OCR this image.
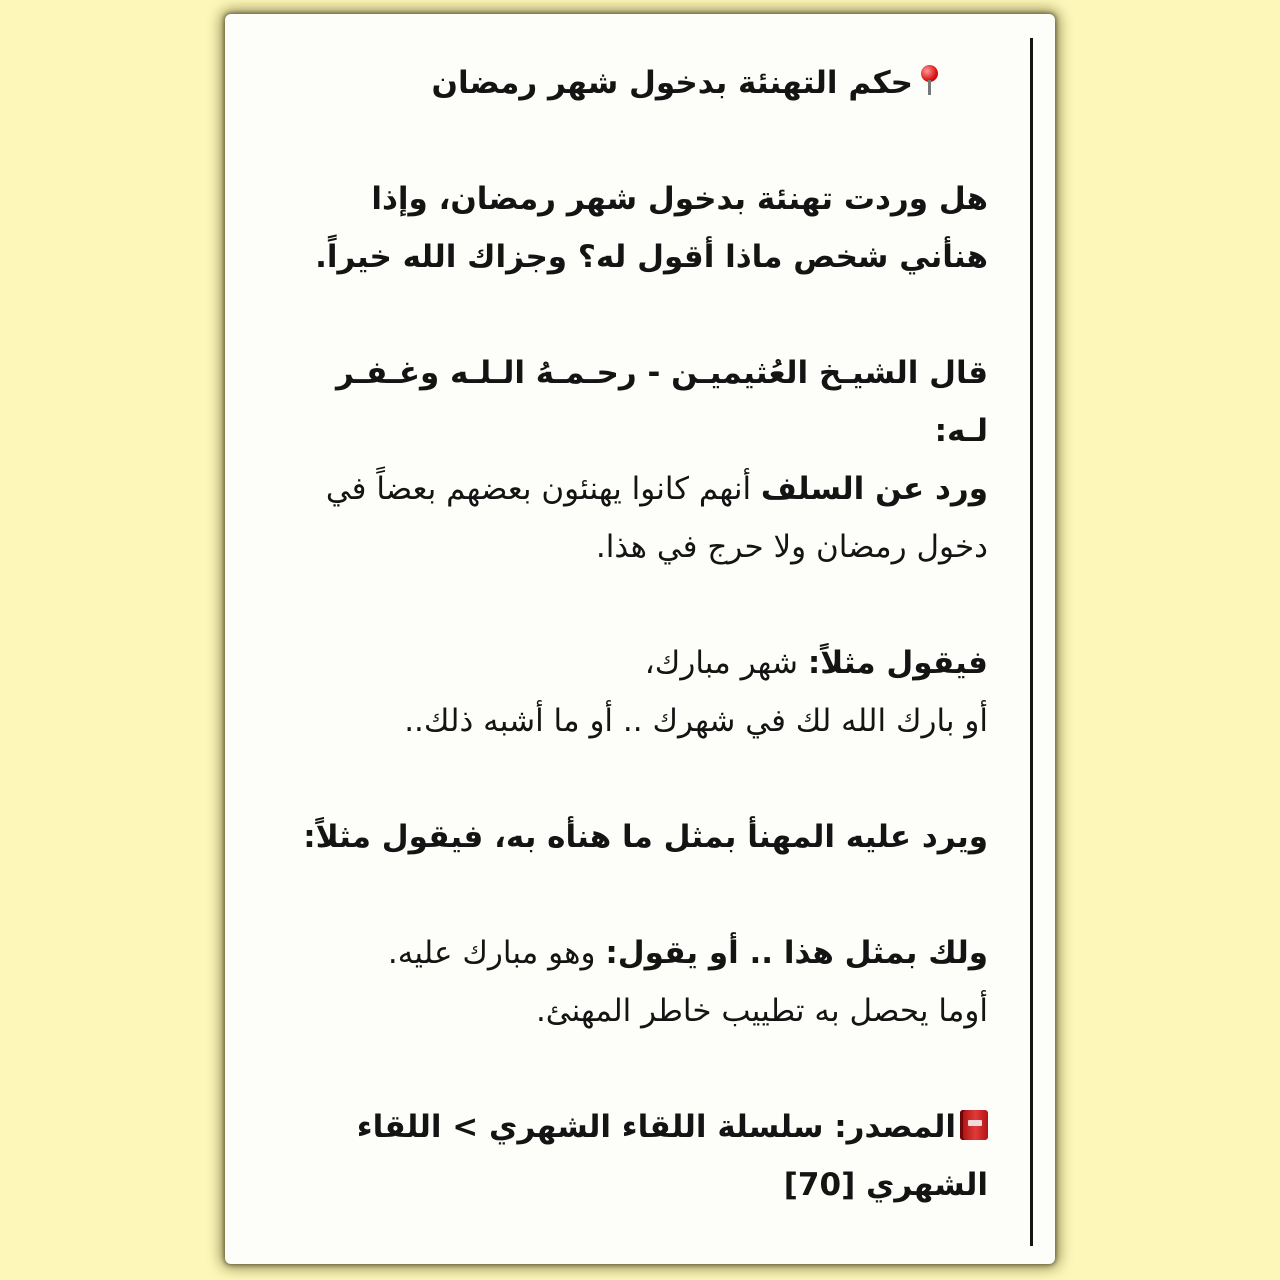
حكم التهنئة بدخول شهر رمضان

هل وردت تهنئة بدخول شهر رمضان، وإذا

هنأني شخص ماذا أقول له؟ وجزاك الله خيراً.

قال الشيـخ العُثيميـن - رحـمـهُ الـلـه وغـفـر لـه:

ورد عن السلف أنهم كانوا يهنئون بعضهم بعضاً في دخول رمضان ولا حرج في هذا.

فيقول مثلاً: شهر مبارك،

أو بارك الله لك في شهرك .. أو ما أشبه ذلك..

ويرد عليه المهنأ بمثل ما هنأه به، فيقول مثلاً:

ولك بمثل هذا .. أو يقول: وهو مبارك عليه.

أوما يحصل به تطييب خاطر المهنئ.

المصدر: سلسلة اللقاء الشهري > اللقاء الشهري [70]
